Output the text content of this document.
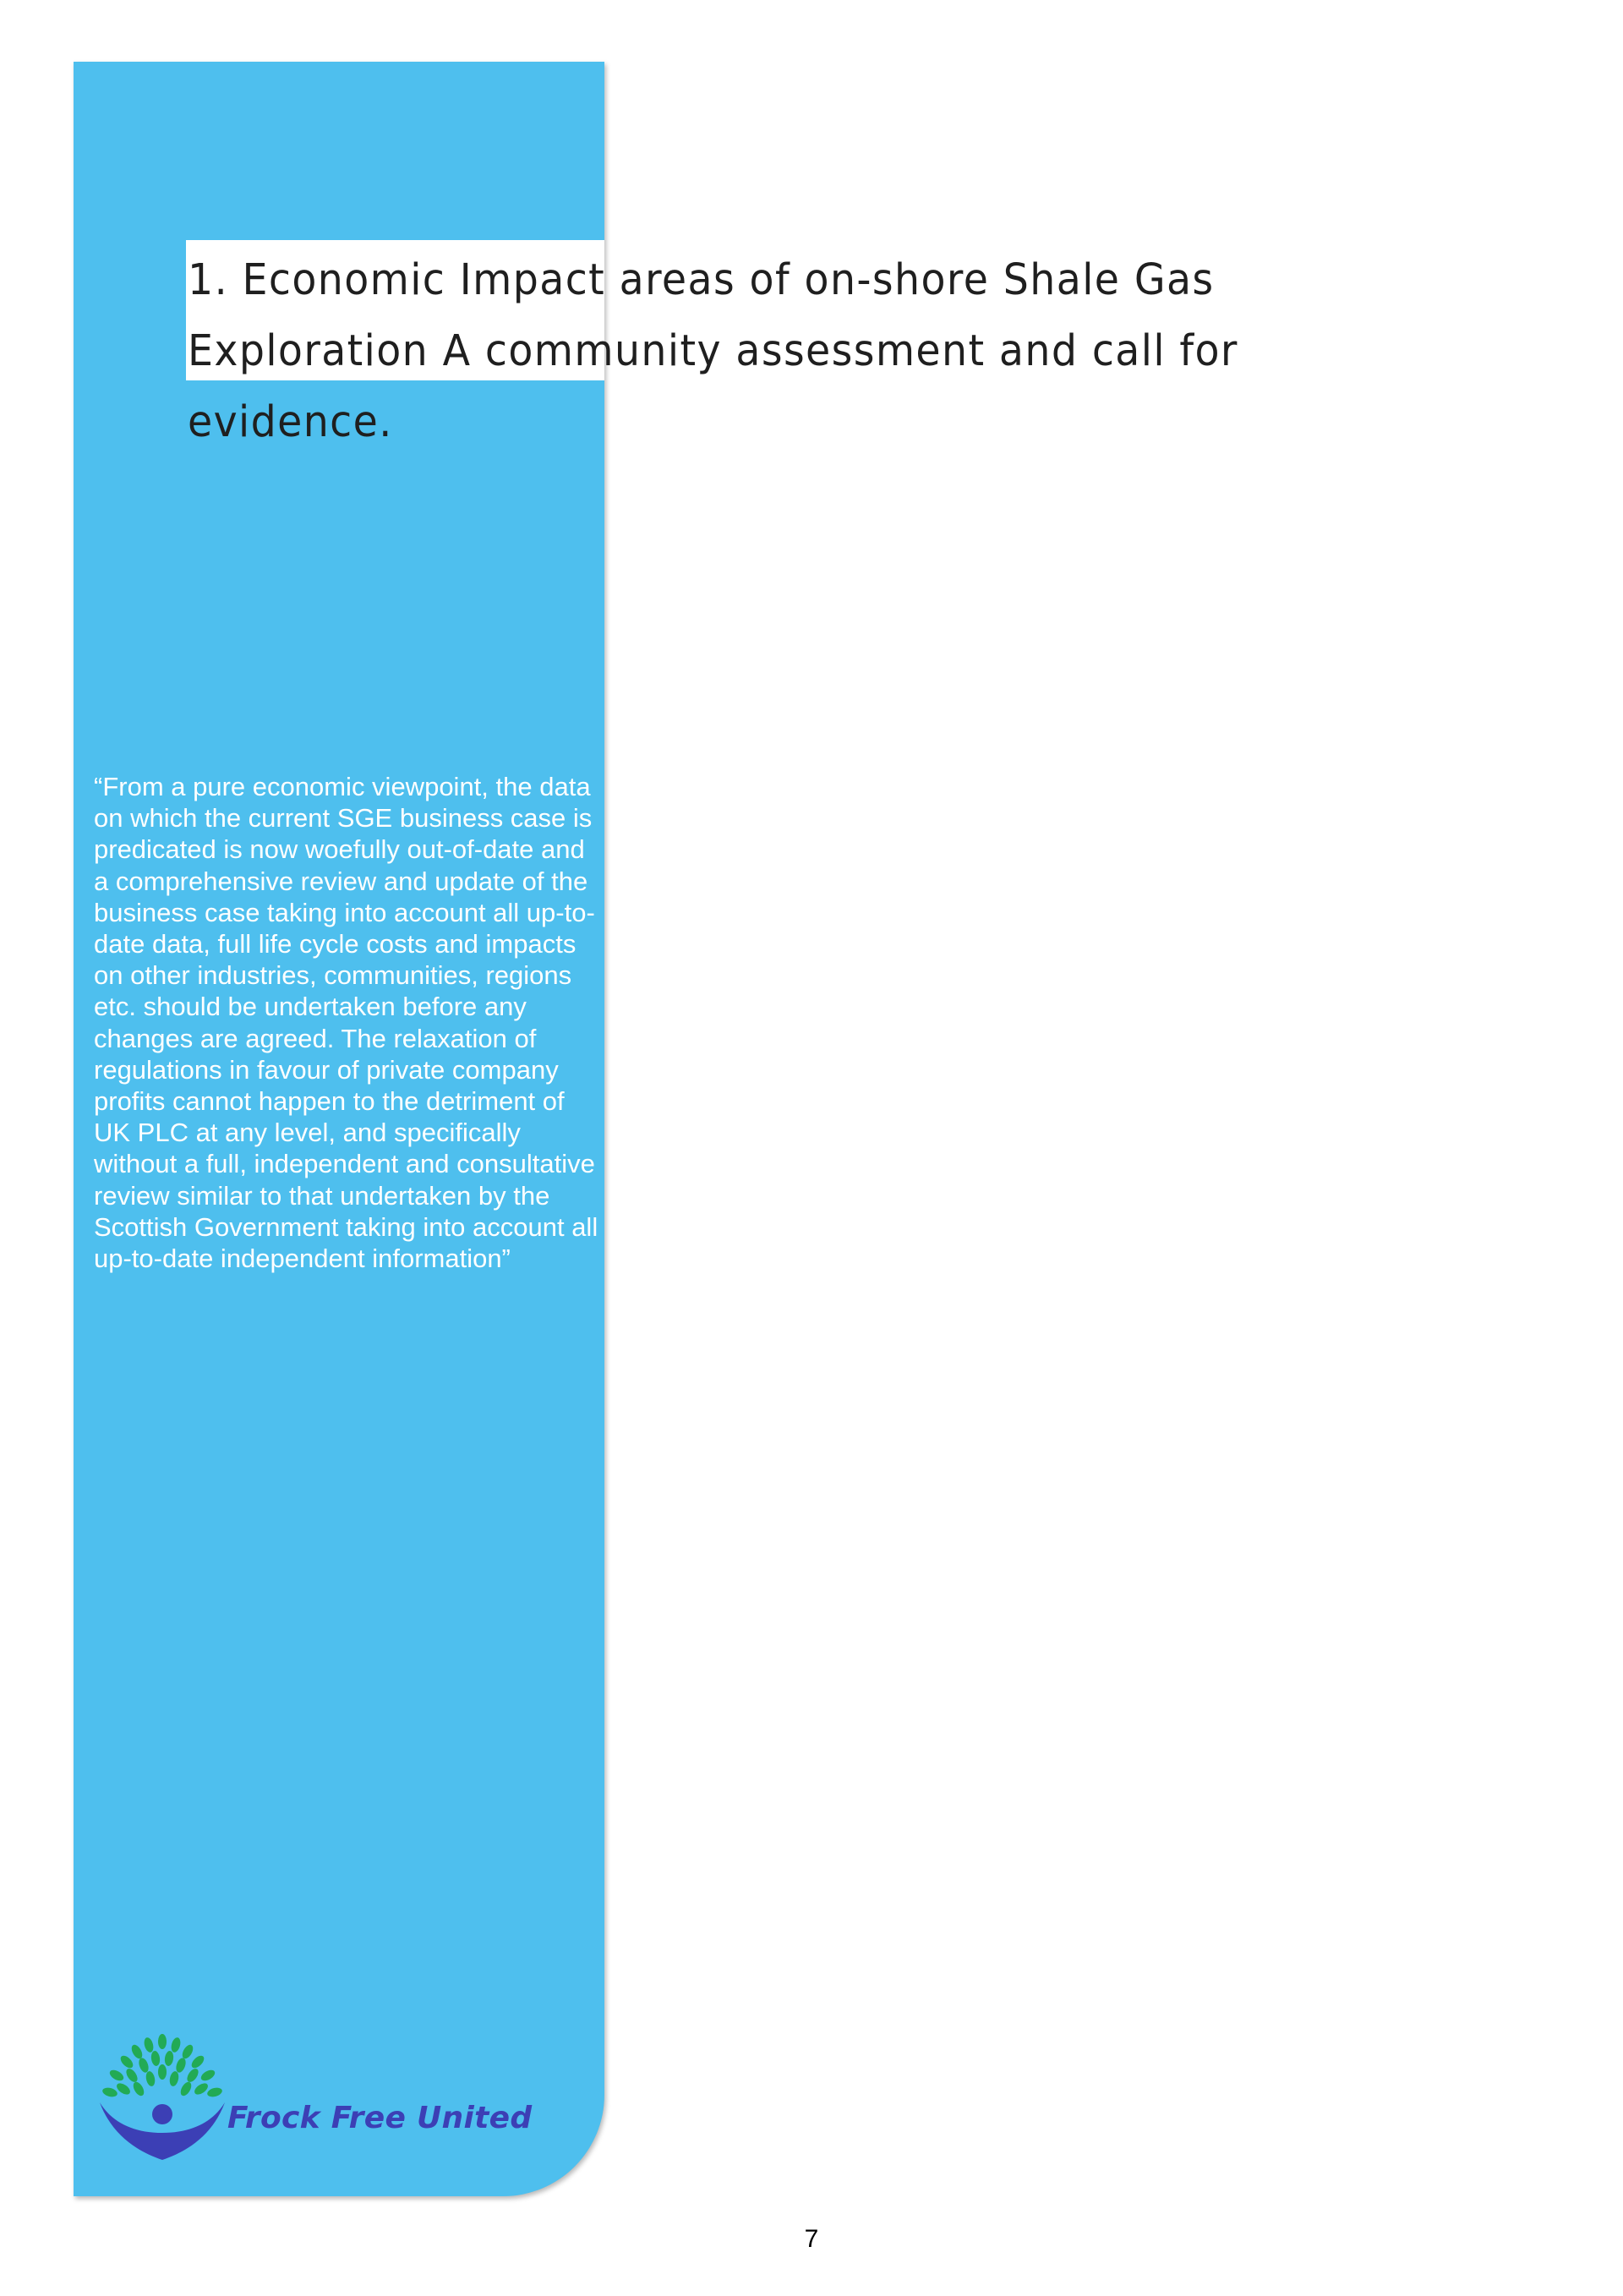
1. Economic Impact areas of on-shore Shale Gas Exploration A community assessment and call for evidence.

“From a pure economic viewpoint, the data on which the current SGE business case is predicated is now woefully out-of-date and a comprehensive review and update of the business case taking into account all up-to-date data, full life cycle costs and impacts on other industries, communities, regions etc. should be undertaken before any changes are agreed. The relaxation of regulations in favour of private company profits cannot happen to the detriment of UK PLC at any level, and specifically without a full, independent and consultative review similar to that undertaken by the Scottish Government taking into account all up-to-date independent information”

Frock Free United
7
